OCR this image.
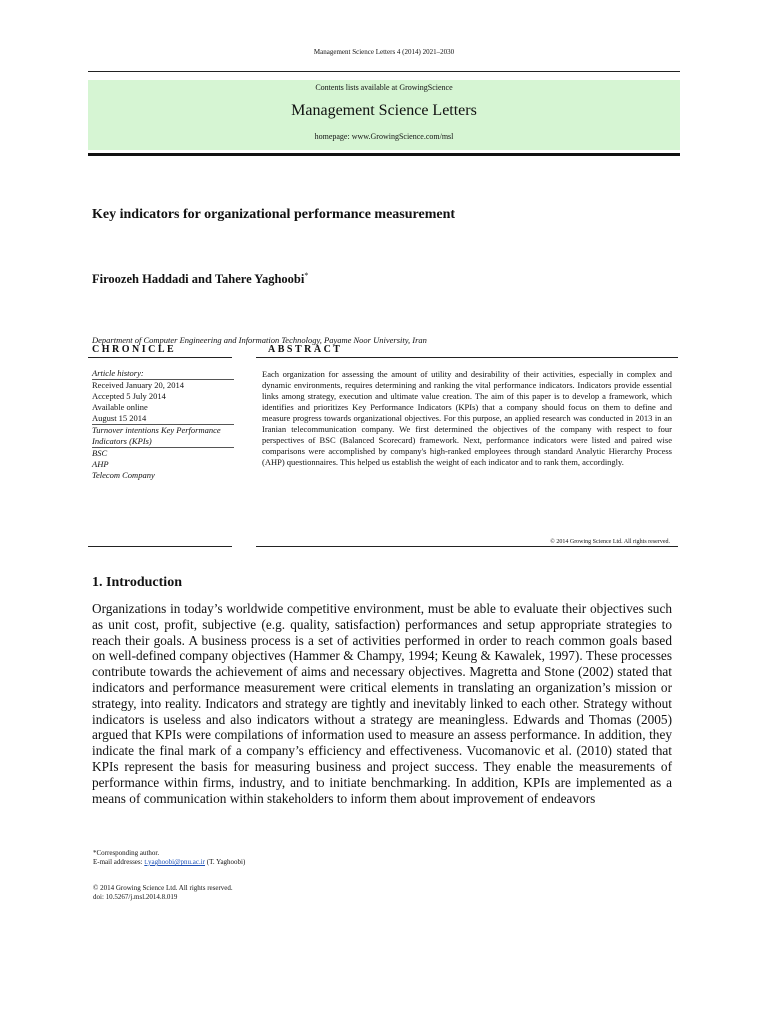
Management Science Letters 4 (2014) 2021–2030
Contents lists available at GrowingScience
Management Science Letters
homepage: www.GrowingScience.com/msl
Key indicators for organizational performance measurement
Firoozeh Haddadi and Tahere Yaghoobi*
Department of Computer Engineering and Information Technology, Payame Noor University, Iran
CHRONICLE	ABSTRACT
Article history:
Received January 20, 2014
Accepted 5 July 2014
Available online
August 15 2014
Turnover intentions Key Performance Indicators (KPIs)
BSC
AHP
Telecom Company
Each organization for assessing the amount of utility and desirability of their activities, especially in complex and dynamic environments, requires determining and ranking the vital performance indicators. Indicators provide essential links among strategy, execution and ultimate value creation. The aim of this paper is to develop a framework, which identifies and prioritizes Key Performance Indicators (KPIs) that a company should focus on them to define and measure progress towards organizational objectives. For this purpose, an applied research was conducted in 2013 in an Iranian telecommunication company. We first determined the objectives of the company with respect to four perspectives of BSC (Balanced Scorecard) framework. Next, performance indicators were listed and paired wise comparisons were accomplished by company's high-ranked employees through standard Analytic Hierarchy Process (AHP) questionnaires. This helped us establish the weight of each indicator and to rank them, accordingly.
© 2014 Growing Science Ltd. All rights reserved.
1. Introduction
Organizations in today’s worldwide competitive environment, must be able to evaluate their objectives such as unit cost, profit, subjective (e.g. quality, satisfaction) performances and setup appropriate strategies to reach their goals. A business process is a set of activities performed in order to reach common goals based on well-defined company objectives (Hammer & Champy, 1994; Keung & Kawalek, 1997). These processes contribute towards the achievement of aims and necessary objectives. Magretta and Stone (2002) stated that indicators and performance measurement were critical elements in translating an organization’s mission or strategy, into reality. Indicators and strategy are tightly and inevitably linked to each other. Strategy without indicators is useless and also indicators without a strategy are meaningless. Edwards and Thomas (2005) argued that KPIs were compilations of information used to measure an assess performance. In addition, they indicate the final mark of a company’s efficiency and effectiveness. Vucomanovic et al. (2010) stated that KPIs represent the basis for measuring business and project success. They enable the measurements of performance within firms, industry, and to initiate benchmarking. In addition, KPIs are implemented as a means of communication within stakeholders to inform them about improvement of endeavors
*Corresponding author.
E-mail addresses: t.yaghoobi@pnu.ac.ir (T. Yaghoobi)
© 2014 Growing Science Ltd. All rights reserved.
doi: 10.5267/j.msl.2014.8.019
